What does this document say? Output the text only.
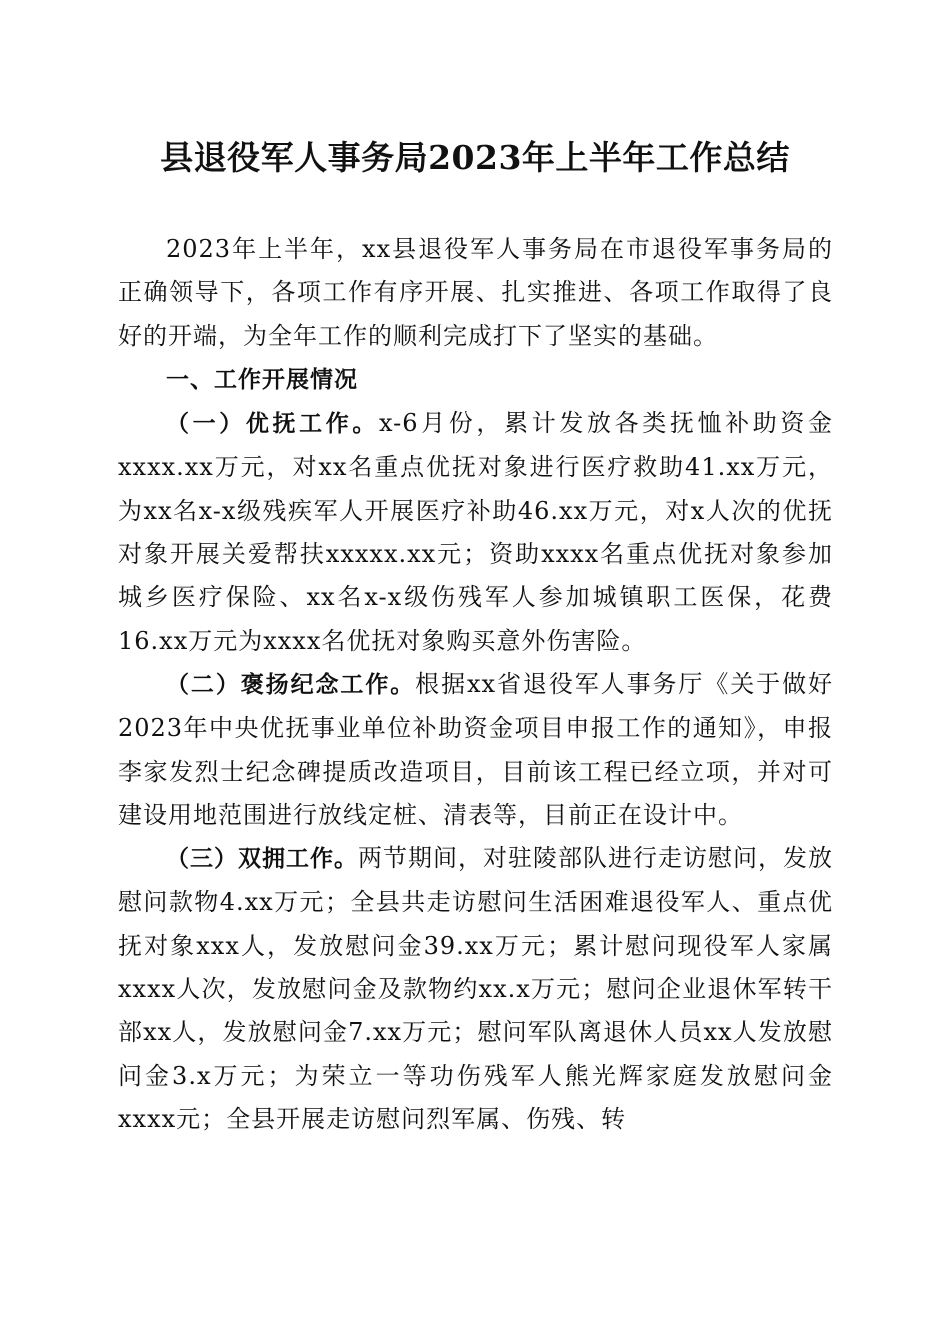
县退役军人事务局2023年上半年工作总结

2023年上半年，xx县退役军人事务局在市退役军事务局的正确领导下，各项工作有序开展、扎实推进、各项工作取得了良好的开端，为全年工作的顺利完成打下了坚实的基础。

一、工作开展情况

（一）优抚工作。x-6月份，累计发放各类抚恤补助资金xxxx.xx万元，对xx名重点优抚对象进行医疗救助41.xx万元，为xx名x-x级残疾军人开展医疗补助46.xx万元，对x人次的优抚对象开展关爱帮扶xxxxx.xx元；资助xxxx名重点优抚对象参加城乡医疗保险、xx名x-x级伤残军人参加城镇职工医保，花费16.xx万元为xxxx名优抚对象购买意外伤害险。

（二）褒扬纪念工作。根据xx省退役军人事务厅《关于做好2023年中央优抚事业单位补助资金项目申报工作的通知》，申报李家发烈士纪念碑提质改造项目，目前该工程已经立项，并对可建设用地范围进行放线定桩、清表等，目前正在设计中。

（三）双拥工作。两节期间，对驻陵部队进行走访慰问，发放慰问款物4.xx万元；全县共走访慰问生活困难退役军人、重点优抚对象xxx人，发放慰问金39.xx万元；累计慰问现役军人家属xxxx人次，发放慰问金及款物约xx.x万元；慰问企业退休军转干部xx人，发放慰问金7.xx万元；慰问军队离退休人员xx人发放慰问金3.x万元；为荣立一等功伤残军人熊光辉家庭发放慰问金xxxx元；全县开展走访慰问烈军属、伤残、转
